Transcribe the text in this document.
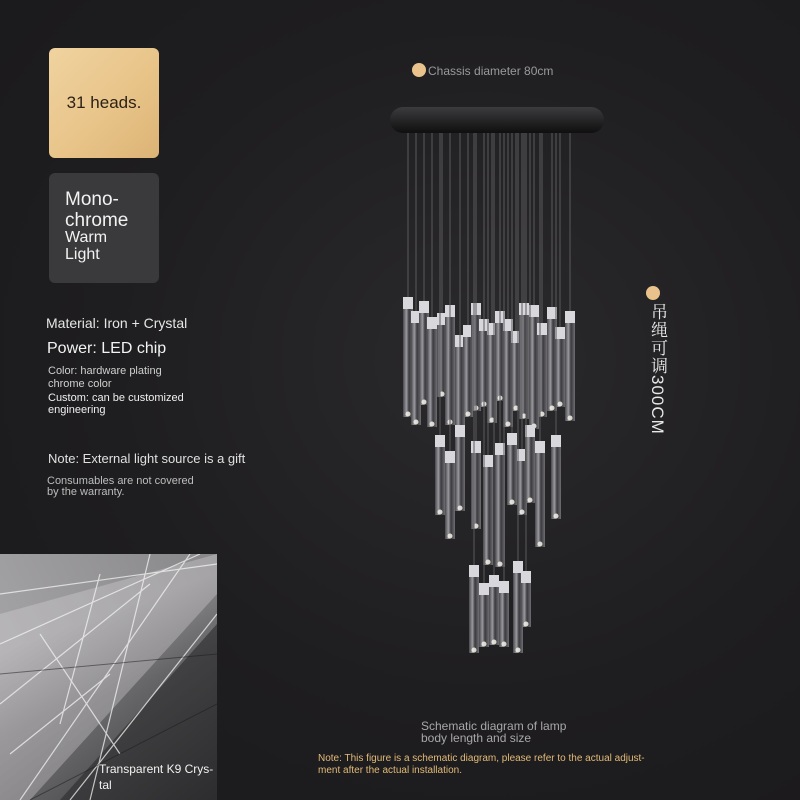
31 heads.
Mono-
chrome
Warm
Light
Material: Iron + Crystal
Power: LED chip
Color: hardware plating
chrome color
Custom: can be customized
engineering
Note: External light source is a gift
Consumables are not covered
by the warranty.
Transparent K9 Crys-
tal
Chassis diameter 80cm
吊绳可调300CM
Schematic diagram of lamp
body length and size
Note: This figure is a schematic diagram, please refer to the actual adjust-
ment after the actual installation.
